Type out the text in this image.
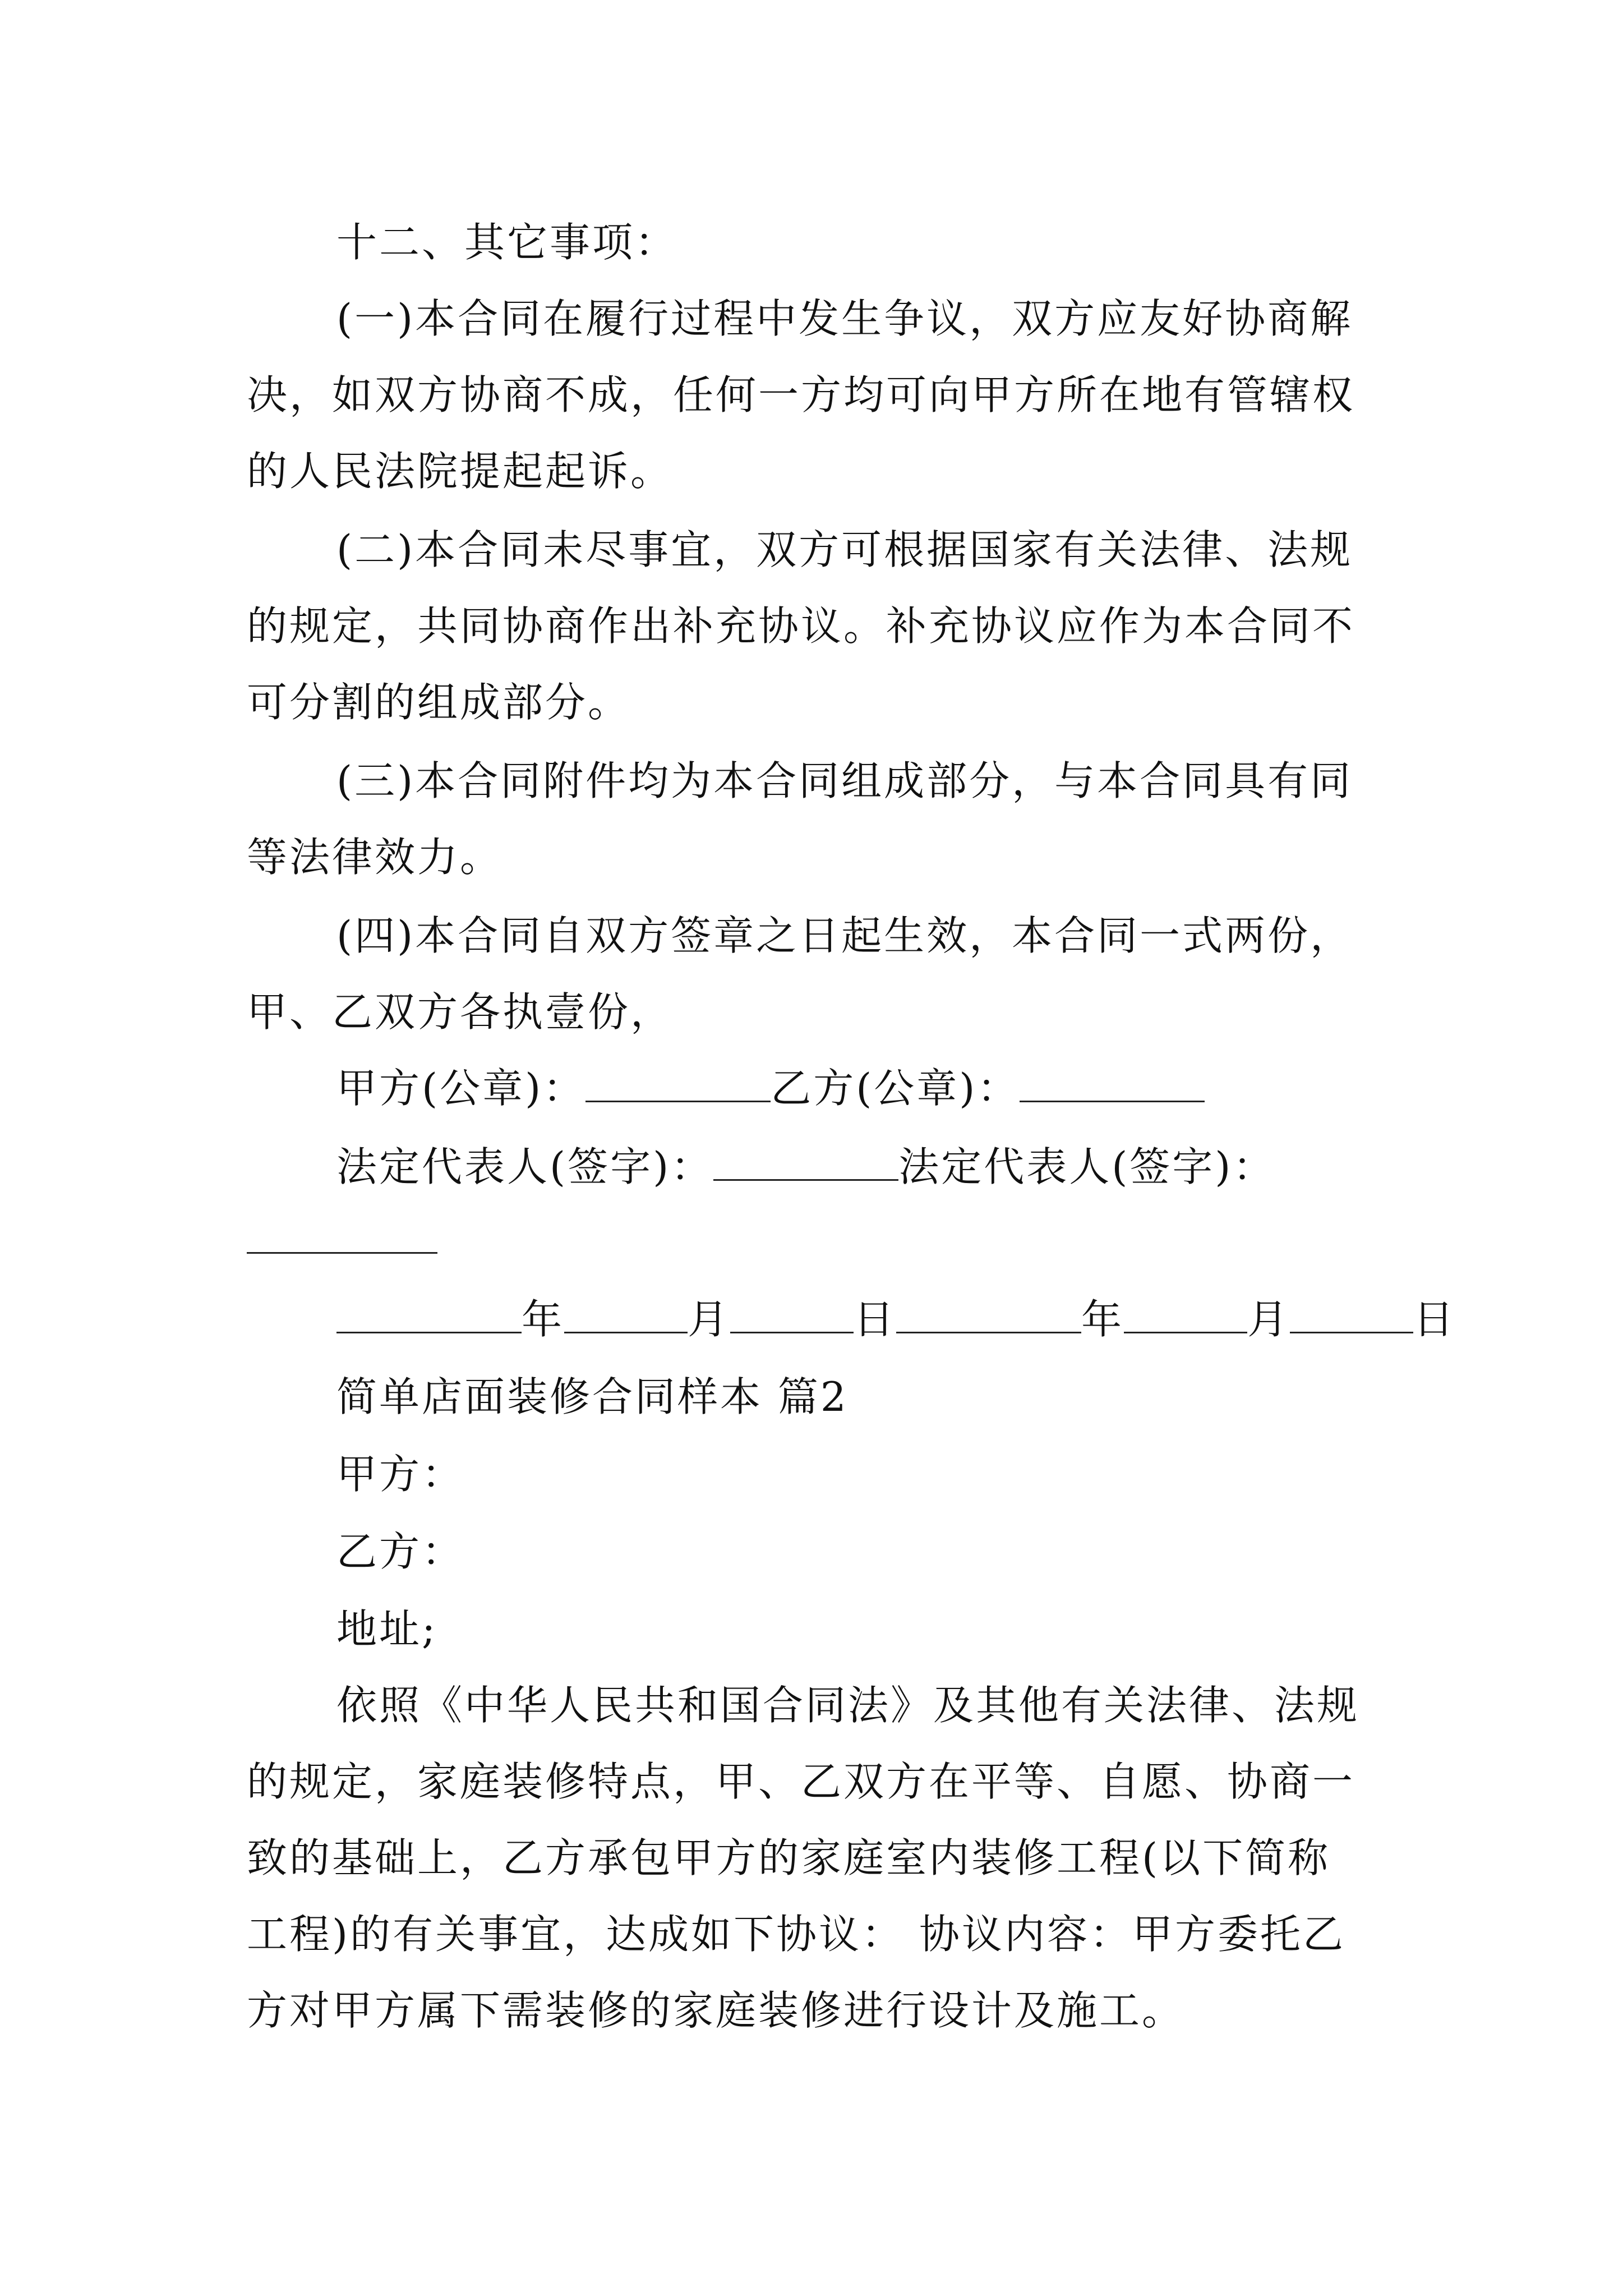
十二、其它事项：
(一)本合同在履行过程中发生争议，双方应友好协商解
决，如双方协商不成，任何一方均可向甲方所在地有管辖权
的人民法院提起起诉。
(二)本合同未尽事宜，双方可根据国家有关法律、法规
的规定，共同协商作出补充协议。补充协议应作为本合同不
可分割的组成部分。
(三)本合同附件均为本合同组成部分，与本合同具有同
等法律效力。
(四)本合同自双方签章之日起生效，本合同一式两份，
甲、乙双方各执壹份，
甲方(公章)：	乙方(公章)：
法定代表人(签字)：	法定代表人(签字)：
年	月	日	年	月	日
简单店面装修合同样本 篇2
甲方：
乙方：
地址;
依照《中华人民共和国合同法》及其他有关法律、法规
的规定，家庭装修特点，甲、乙双方在平等、自愿、协商一
致的基础上，乙方承包甲方的家庭室内装修工程(以下简称
工程)的有关事宜，达成如下协议： 协议内容：甲方委托乙
方对甲方属下需装修的家庭装修进行设计及施工。
